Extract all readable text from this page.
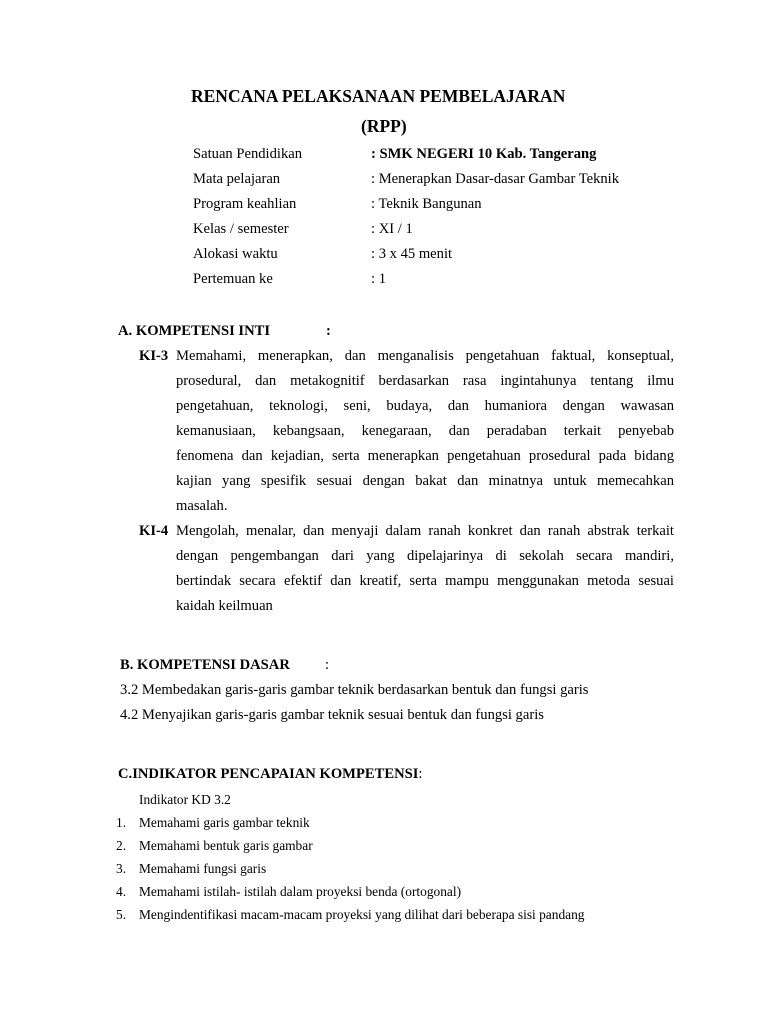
RENCANA PELAKSANAAN PEMBELAJARAN
(RPP)
Satuan Pendidikan	: SMK NEGERI 10 Kab. Tangerang
Mata pelajaran	: Menerapkan Dasar-dasar Gambar Teknik
Program keahlian	: Teknik Bangunan
Kelas / semester	: XI / 1
Alokasi waktu	: 3 x 45 menit
Pertemuan ke	: 1
A. KOMPETENSI INTI	:
KI-3 Memahami, menerapkan, dan menganalisis pengetahuan faktual, konseptual,
prosedural, dan metakognitif berdasarkan rasa ingintahunya tentang ilmu
pengetahuan, teknologi, seni, budaya, dan humaniora dengan wawasan
kemanusiaan, kebangsaan, kenegaraan, dan peradaban terkait penyebab
fenomena dan kejadian, serta menerapkan pengetahuan prosedural pada bidang
kajian yang spesifik sesuai dengan bakat dan minatnya untuk memecahkan
masalah.
KI-4 Mengolah, menalar, dan menyaji dalam ranah konkret dan ranah abstrak terkait
dengan pengembangan dari yang dipelajarinya di sekolah secara mandiri,
bertindak secara efektif dan kreatif, serta mampu menggunakan metoda sesuai
kaidah keilmuan
B. KOMPETENSI DASAR :
3.2 Membedakan garis-garis gambar teknik berdasarkan bentuk dan fungsi garis
4.2 Menyajikan garis-garis gambar teknik sesuai bentuk dan fungsi garis
C.INDIKATOR PENCAPAIAN KOMPETENSI:
Indikator KD 3.2
1. Memahami garis gambar teknik
2. Memahami bentuk garis gambar
3. Memahami fungsi garis
4. Memahami istilah- istilah dalam proyeksi benda (ortogonal)
5. Mengindentifikasi macam-macam proyeksi yang dilihat dari beberapa sisi pandang
